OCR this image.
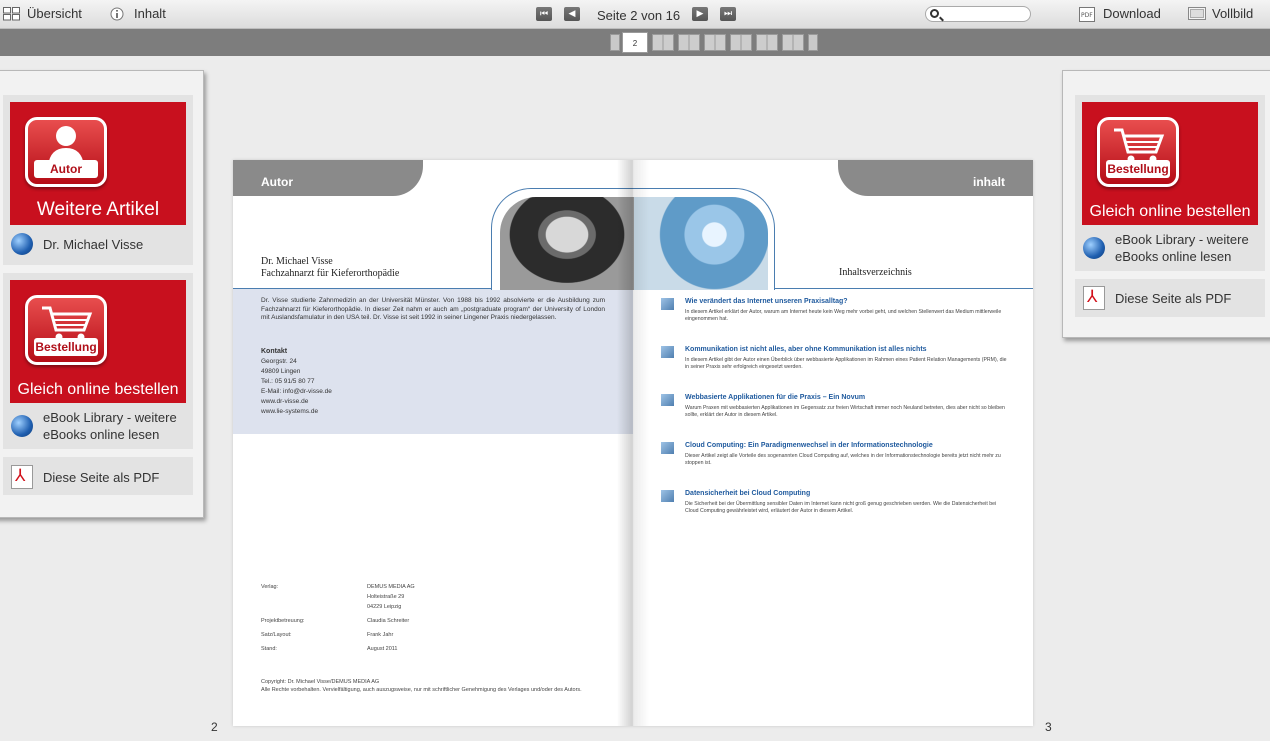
Übersicht	Inhalt	⏮	◀	Seite 2 von 16	▶	⏭	PDF Download	Vollbild
2
Autor
Weitere Artikel
Dr. Michael Visse
Bestellung
Gleich online bestellen
eBook Library - weitere eBooks online lesen
⅄
Diese Seite als PDF
Bestellung
Gleich online bestellen
eBook Library - weitere eBooks online lesen
⅄
Diese Seite als PDF
Autor
Dr. Michael Visse
Fachzahnarzt für Kieferorthopädie
Dr. Visse studierte Zahnmedizin an der Universität Münster. Von 1988 bis 1992 absolvierte er die Ausbildung zum Fachzahnarzt für Kieferorthopädie. In dieser Zeit nahm er auch am „postgraduate program“ der University of London mit Auslandsfamulatur in den USA teil. Dr. Visse ist seit 1992 in seiner Lingener Praxis niedergelassen.
Kontakt
Georgstr. 24
49809 Lingen
Tel.: 05 91/5 80 77
E-Mail: info@dr-visse.de
www.dr-visse.de
www.lie-systems.de
Verlag:	DEMUS MEDIA AG
Holteistraße 29
04229 Leipzig
Projektbetreuung:	Claudia Schreiter
Satz/Layout:	Frank Jahr
Stand:	August 2011
Copyright: Dr. Michael Visse/DEMUS MEDIA AG
Alle Rechte vorbehalten. Vervielfältigung, auch auszugsweise, nur mit schriftlicher Genehmigung des Verlages und/oder des Autors.
inhalt
Inhaltsverzeichnis
Wie verändert das Internet unseren Praxisalltag?
In diesem Artikel erklärt der Autor, warum am Internet heute kein Weg mehr vorbei geht, und welchen Stellenwert das Medium mittlerweile eingenommen hat.
Kommunikation ist nicht alles, aber ohne Kommunikation ist alles nichts
In diesem Artikel gibt der Autor einen Überblick über webbasierte Applikationen im Rahmen eines Patient Relation Managements (PRM), die in seiner Praxis sehr erfolgreich eingesetzt werden.
Webbasierte Applikationen für die Praxis – Ein Novum
Warum Praxen mit webbasierten Applikationen im Gegensatz zur freien Wirtschaft immer noch Neuland betreten, dies aber nicht so bleiben sollte, erklärt der Autor in diesem Artikel.
Cloud Computing: Ein Paradigmenwechsel in der Informationstechnologie
Dieser Artikel zeigt alle Vorteile des sogenannten Cloud Computing auf, welches in der Informationstechnologie bereits jetzt nicht mehr zu stoppen ist.
Datensicherheit bei Cloud Computing
Die Sicherheit bei der Übermittlung sensibler Daten im Internet kann nicht groß genug geschrieben werden. Wie die Datensicherheit bei Cloud Computing gewährleistet wird, erläutert der Autor in diesem Artikel.
2	3
